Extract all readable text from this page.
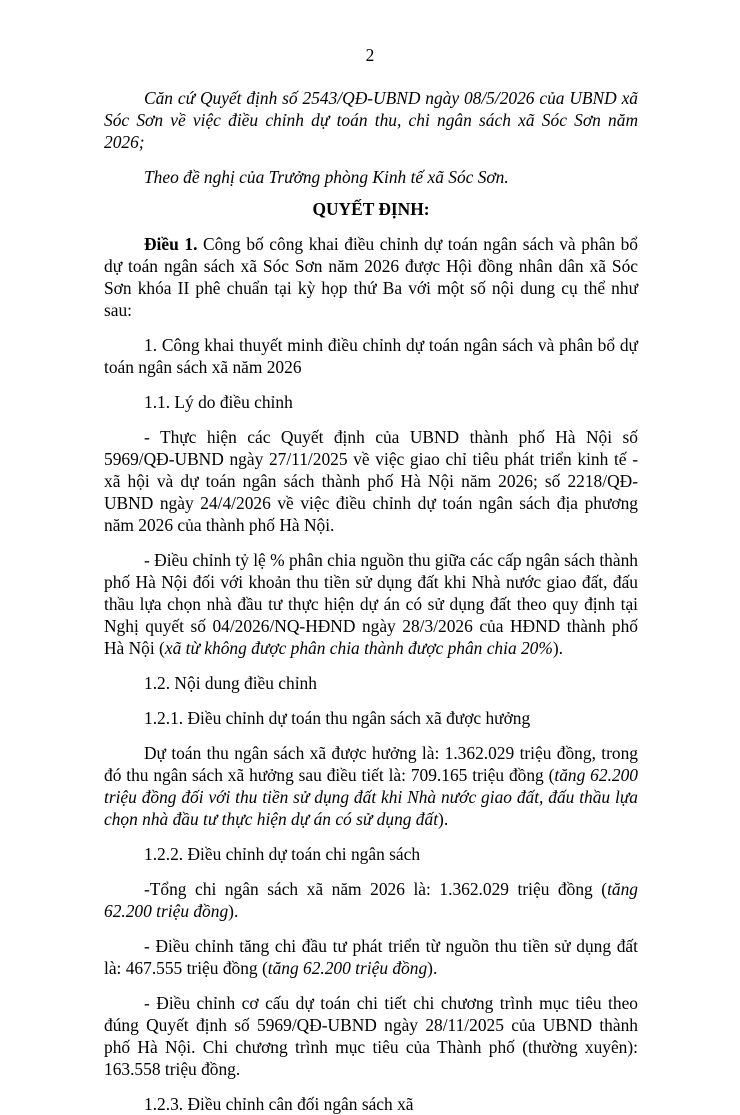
2

Căn cứ Quyết định số 2543/QĐ-UBND ngày 08/5/2026 của UBND xã Sóc Sơn về việc điều chỉnh dự toán thu, chi ngân sách xã Sóc Sơn năm 2026;

Theo đề nghị của Trưởng phòng Kinh tế xã Sóc Sơn.

QUYẾT ĐỊNH:

Điều 1. Công bố công khai điều chỉnh dự toán ngân sách và phân bổ dự toán ngân sách xã Sóc Sơn năm 2026 được Hội đồng nhân dân xã Sóc Sơn khóa II phê chuẩn tại kỳ họp thứ Ba với một số nội dung cụ thể như sau:

1. Công khai thuyết minh điều chỉnh dự toán ngân sách và phân bổ dự toán ngân sách xã năm 2026

1.1. Lý do điều chỉnh

- Thực hiện các Quyết định của UBND thành phố Hà Nội số 5969/QĐ-UBND ngày 27/11/2025 về việc giao chỉ tiêu phát triển kinh tế - xã hội và dự toán ngân sách thành phố Hà Nội năm 2026; số 2218/QĐ-UBND ngày 24/4/2026 về việc điều chỉnh dự toán ngân sách địa phương năm 2026 của thành phố Hà Nội.

- Điều chỉnh tỷ lệ % phân chia nguồn thu giữa các cấp ngân sách thành phố Hà Nội đối với khoản thu tiền sử dụng đất khi Nhà nước giao đất, đấu thầu lựa chọn nhà đầu tư thực hiện dự án có sử dụng đất theo quy định tại Nghị quyết số 04/2026/NQ-HĐND ngày 28/3/2026 của HĐND thành phố Hà Nội (xã từ không được phân chia thành được phân chia 20%).

1.2. Nội dung điều chỉnh

1.2.1. Điều chỉnh dự toán thu ngân sách xã được hưởng

Dự toán thu ngân sách xã được hưởng là: 1.362.029 triệu đồng, trong đó thu ngân sách xã hưởng sau điều tiết là: 709.165 triệu đồng (tăng 62.200 triệu đồng đối với thu tiền sử dụng đất khi Nhà nước giao đất, đấu thầu lựa chọn nhà đầu tư thực hiện dự án có sử dụng đất).

1.2.2. Điều chỉnh dự toán chi ngân sách

-Tổng chi ngân sách xã năm 2026 là: 1.362.029 triệu đồng (tăng 62.200 triệu đồng).

- Điều chỉnh tăng chi đầu tư phát triển từ nguồn thu tiền sử dụng đất là: 467.555 triệu đồng (tăng 62.200 triệu đồng).

- Điều chỉnh cơ cấu dự toán chi tiết chi chương trình mục tiêu theo đúng Quyết định số 5969/QĐ-UBND ngày 28/11/2025 của UBND thành phố Hà Nội. Chi chương trình mục tiêu của Thành phố (thường xuyên): 163.558 triệu đồng.

1.2.3. Điều chỉnh cân đối ngân sách xã
